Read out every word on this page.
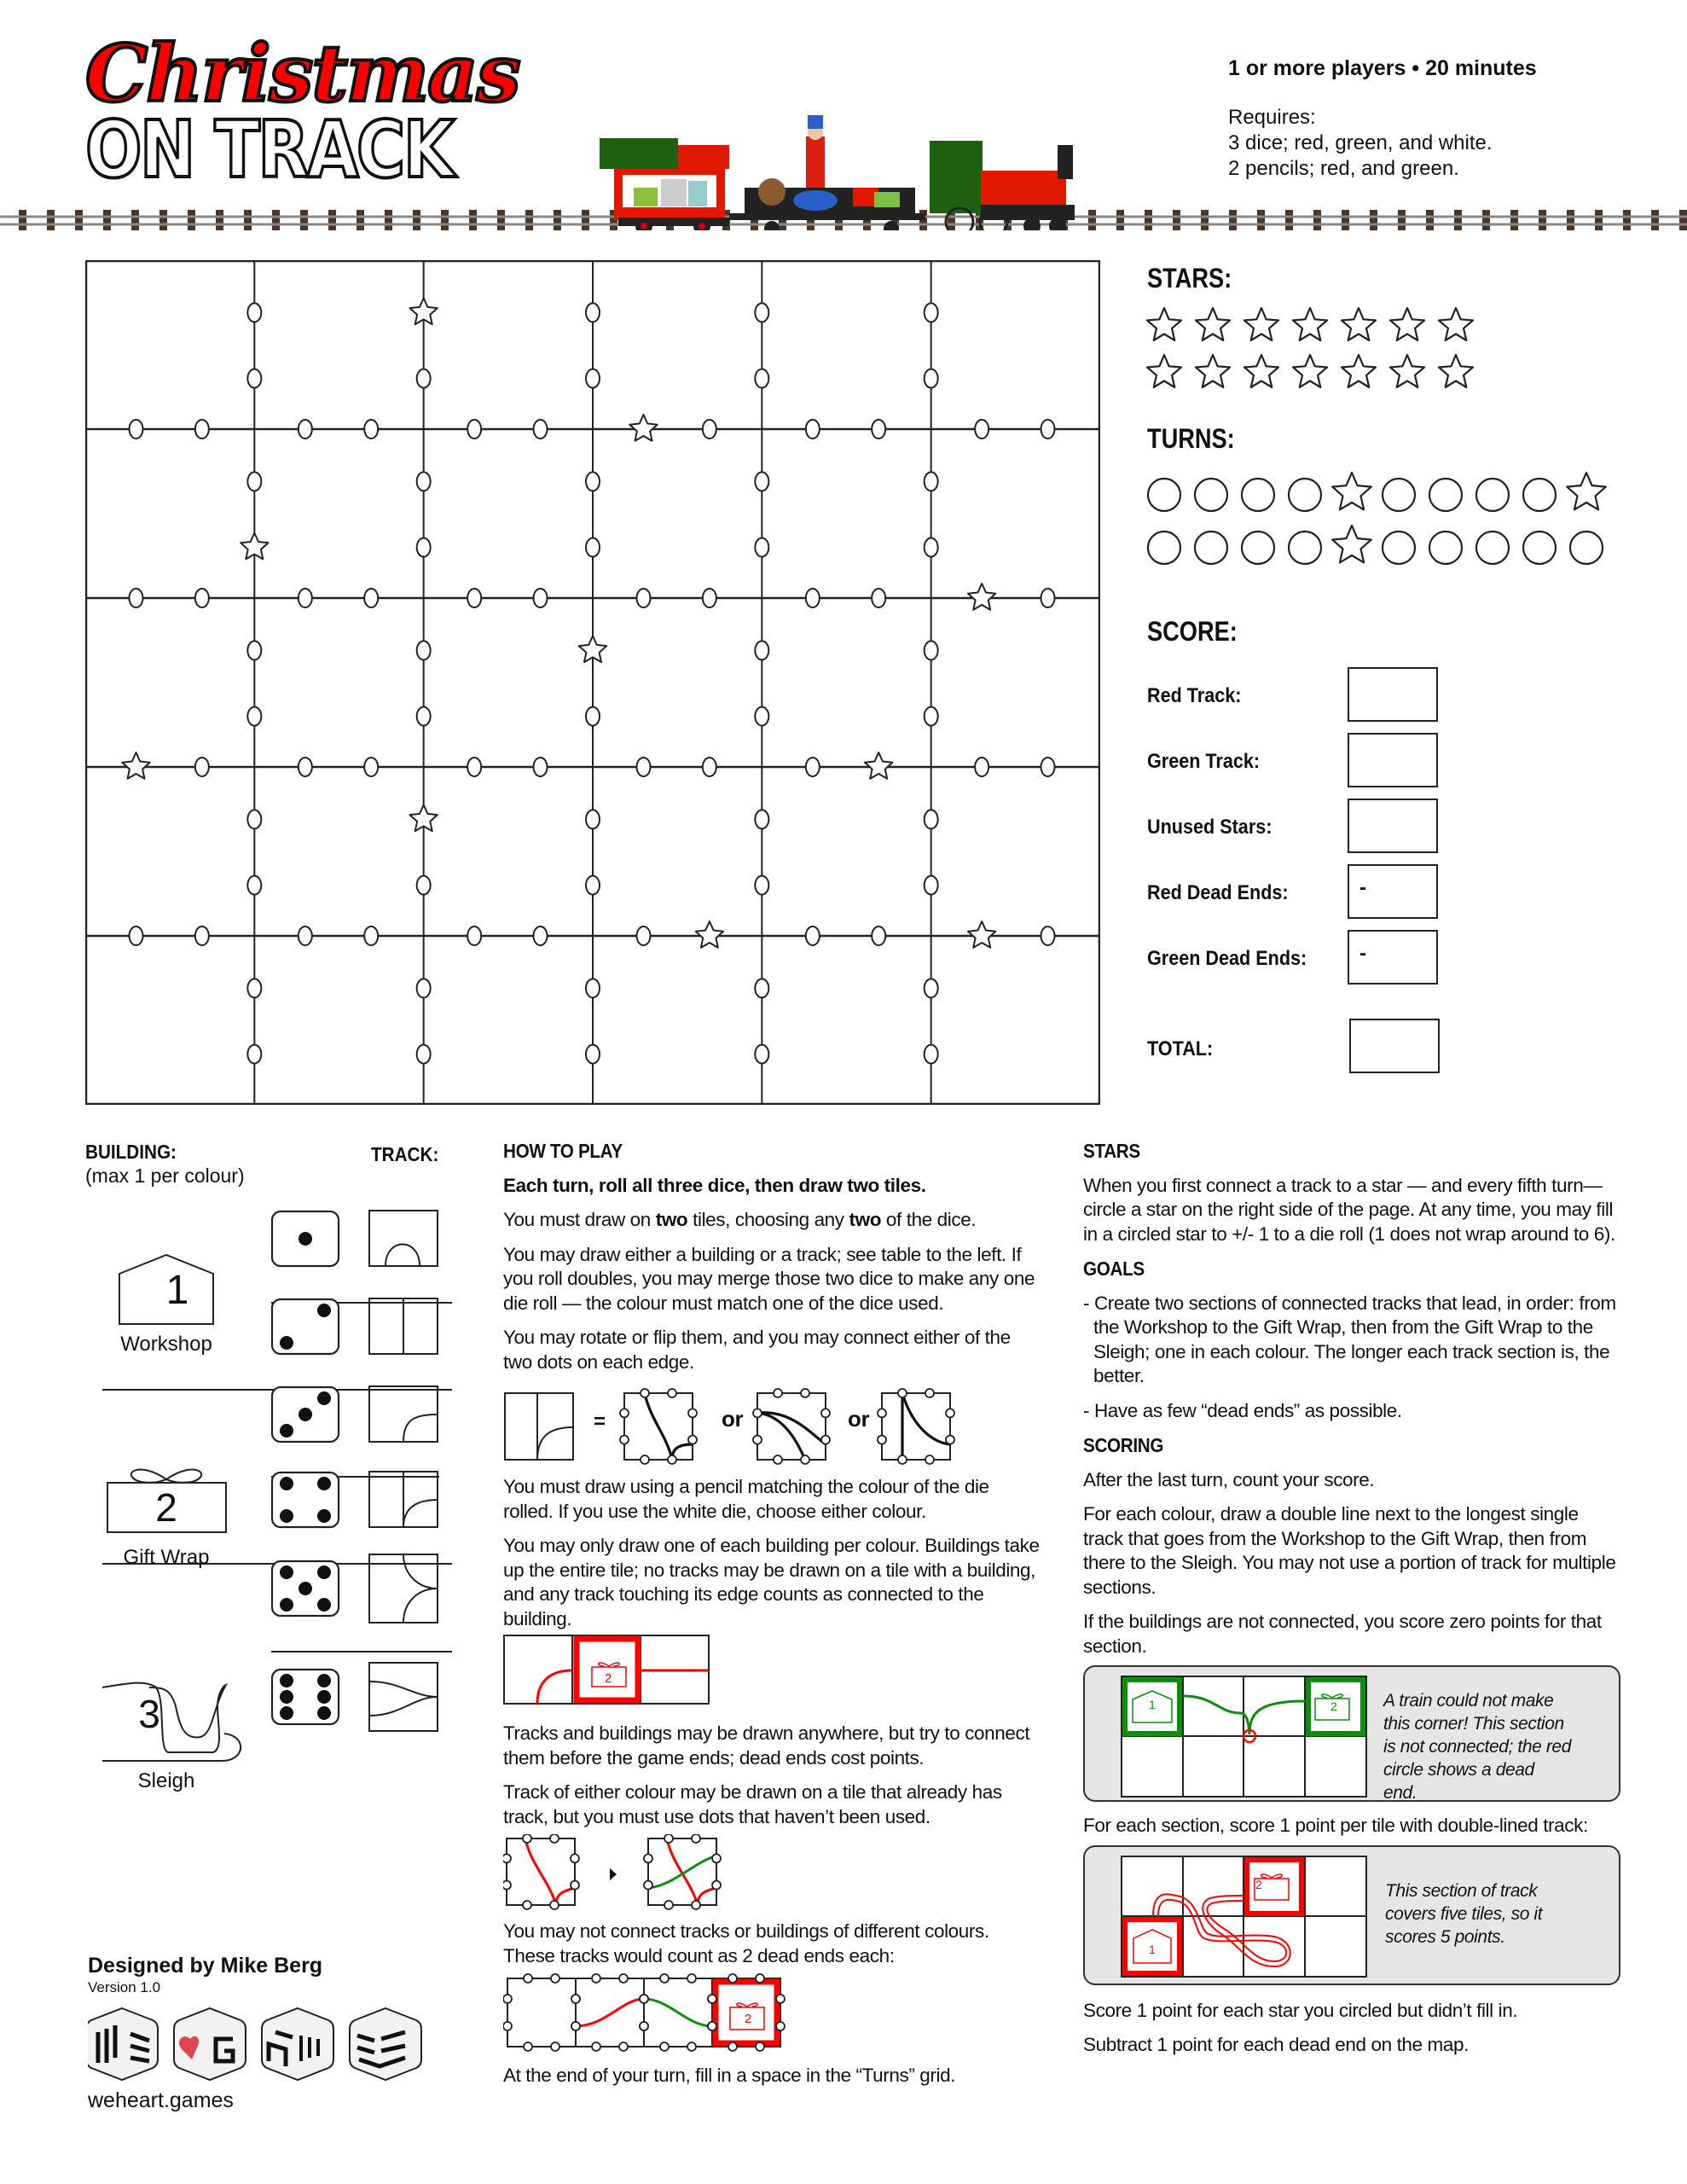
Christmas
ON TRACK
1 or more players • 20 minutes
Requires:
3 dice; red, green, and white.
2 pencils; red, and green.
STARS:
TURNS:
SCORE:
Red Track:
Green Track:
Unused Stars:
Red Dead Ends:	-
Green Dead Ends:	-
TOTAL:
BUILDING:
(max 1 per colour)
TRACK:
1
Workshop
2
Gift Wrap
3
Sleigh
HOW TO PLAY

Each turn, roll all three dice, then draw two tiles.

You must draw on two tiles, choosing any two of the dice.

You may draw either a building or a track; see table to the left. If you roll doubles, you may merge those two dice to make any one die roll — the colour must match one of the dice used.

You may rotate or flip them, and you may connect either of the two dots on each edge.

=	or	or

You must draw using a pencil matching the colour of the die rolled. If you use the white die, choose either colour.

You may only draw one of each building per colour. Buildings take up the entire tile; no tracks may be drawn on a tile with a building, and any track touching its edge counts as connected to the building.

2

Tracks and buildings may be drawn anywhere, but try to connect them before the game ends; dead ends cost points.

Track of either colour may be drawn on a tile that already has track, but you must use dots that haven’t been used.

You may not connect tracks or buildings of different colours. These tracks would count as 2 dead ends each:

2

At the end of your turn, fill in a space in the “Turns” grid.

STARS

When you first connect a track to a star — and every fifth turn— circle a star on the right side of the page. At any time, you may fill in a circled star to +/- 1 to a die roll (1 does not wrap around to 6).

GOALS

- Create two sections of connected tracks that lead, in order: from the Workshop to the Gift Wrap, then from the Gift Wrap to the Sleigh; one in each colour. The longer each track section is, the better.

- Have as few “dead ends” as possible.

SCORING

After the last turn, count your score.

For each colour, draw a double line next to the longest single track that goes from the Workshop to the Gift Wrap, then from there to the Sleigh. You may not use a portion of track for multiple sections.

If the buildings are not connected, you score zero points for that section.

1	2	A train could not make this corner! This section is not connected; the red circle shows a dead end.

For each section, score 1 point per tile with double-lined track:

2
1
This section of track covers five tiles, so it scores 5 points.

Score 1 point for each star you circled but didn’t fill in.

Subtract 1 point for each dead end on the map.

Designed by Mike Berg
Version 1.0
weheart.games
